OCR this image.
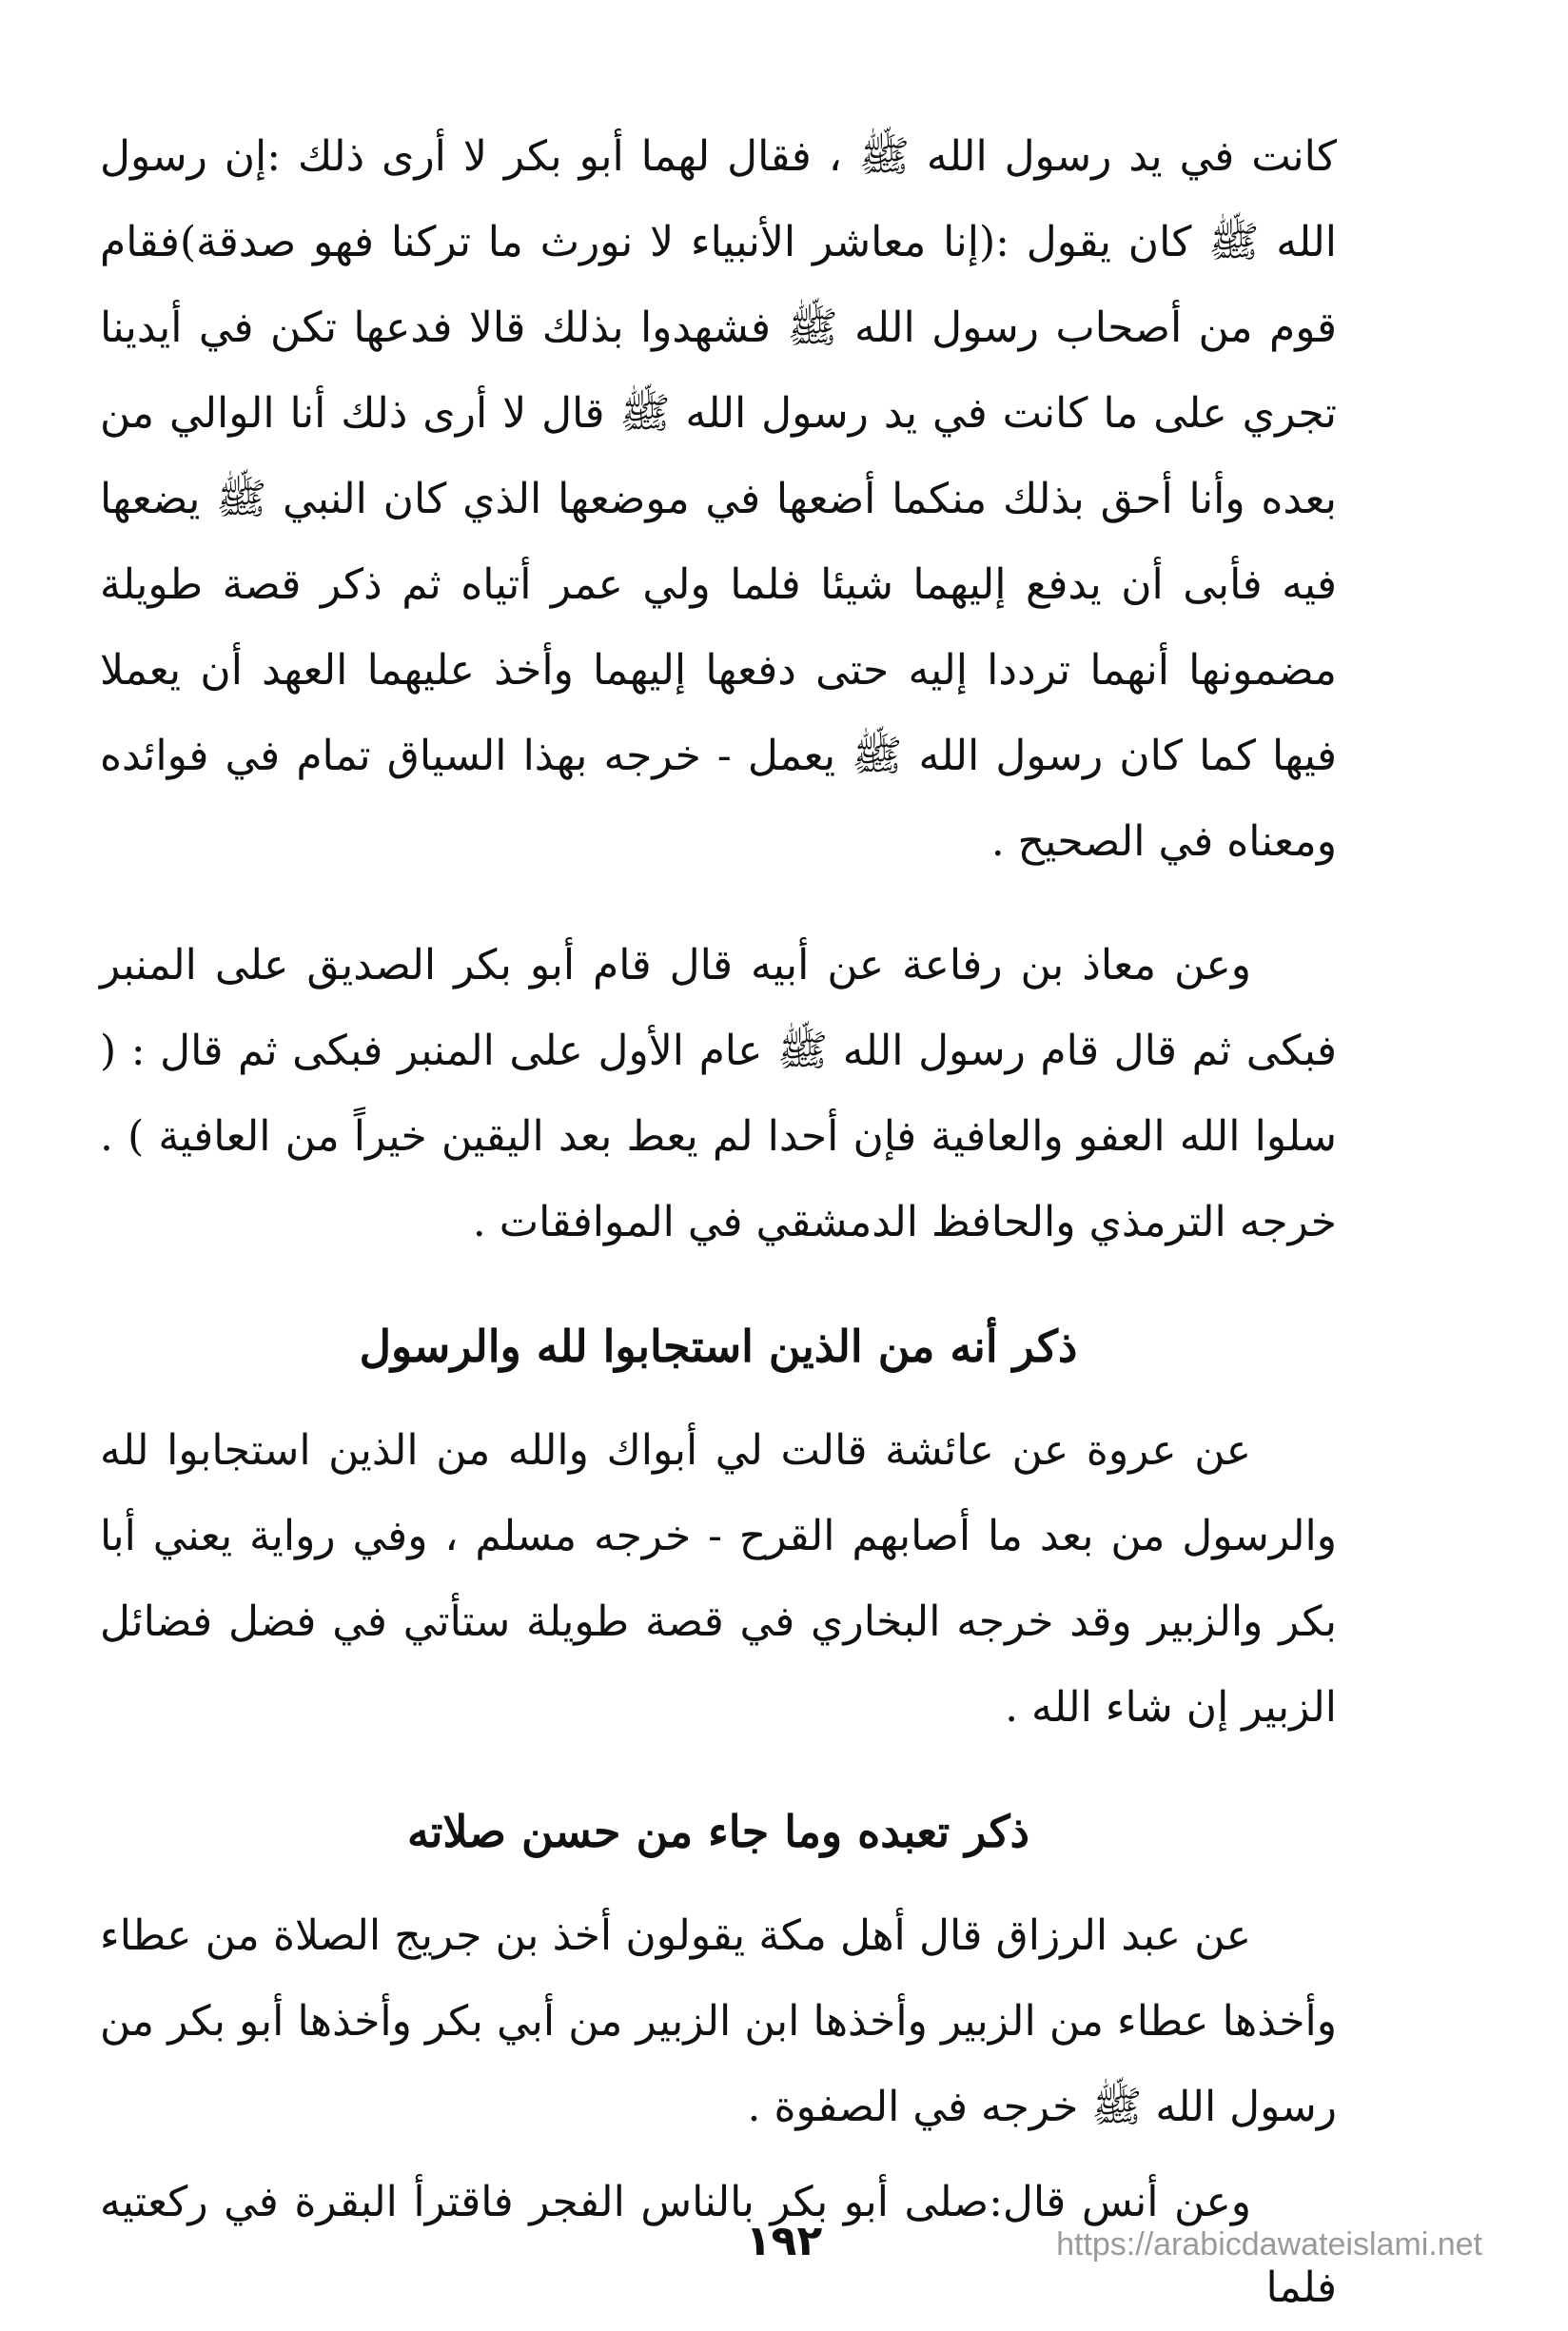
كانت في يد رسول الله ﷺ ، فقال لهما أبو بكر لا أرى ذلك :إن رسول الله ﷺ كان يقول :(إنا معاشر الأنبياء لا نورث ما تركنا فهو صدقة)فقام قوم من أصحاب رسول الله ﷺ فشهدوا بذلك قالا فدعها تكن في أيدينا تجري على ما كانت في يد رسول الله ﷺ قال لا أرى ذلك أنا الوالي من بعده وأنا أحق بذلك منكما أضعها في موضعها الذي كان النبي ﷺ يضعها فيه فأبى أن يدفع إليهما شيئا فلما ولي عمر أتياه ثم ذكر قصة طويلة مضمونها أنهما ترددا إليه حتى دفعها إليهما وأخذ عليهما العهد أن يعملا فيها كما كان رسول الله ﷺ يعمل - خرجه بهذا السياق تمام في فوائده ومعناه في الصحيح .

وعن معاذ بن رفاعة عن أبيه قال قام أبو بكر الصديق على المنبر فبكى ثم قال قام رسول الله ﷺ عام الأول على المنبر فبكى ثم قال : ( سلوا الله العفو والعافية فإن أحدا لم يعط بعد اليقين خيراً من العافية ) . خرجه الترمذي والحافظ الدمشقي في الموافقات .

ذكر أنه من الذين استجابوا لله والرسول

عن عروة عن عائشة قالت لي أبواك والله من الذين استجابوا لله والرسول من بعد ما أصابهم القرح - خرجه مسلم ، وفي رواية يعني أبا بكر والزبير وقد خرجه البخاري في قصة طويلة ستأتي في فضل فضائل الزبير إن شاء الله .

ذكر تعبده وما جاء من حسن صلاته

عن عبد الرزاق قال أهل مكة يقولون أخذ بن جريج الصلاة من عطاء وأخذها عطاء من الزبير وأخذها ابن الزبير من أبي بكر وأخذها أبو بكر من رسول الله ﷺ خرجه في الصفوة .

وعن أنس قال:صلى أبو بكر بالناس الفجر فاقترأ البقرة في ركعتيه فلما

١٩٢	https://arabicdawateislami.net
